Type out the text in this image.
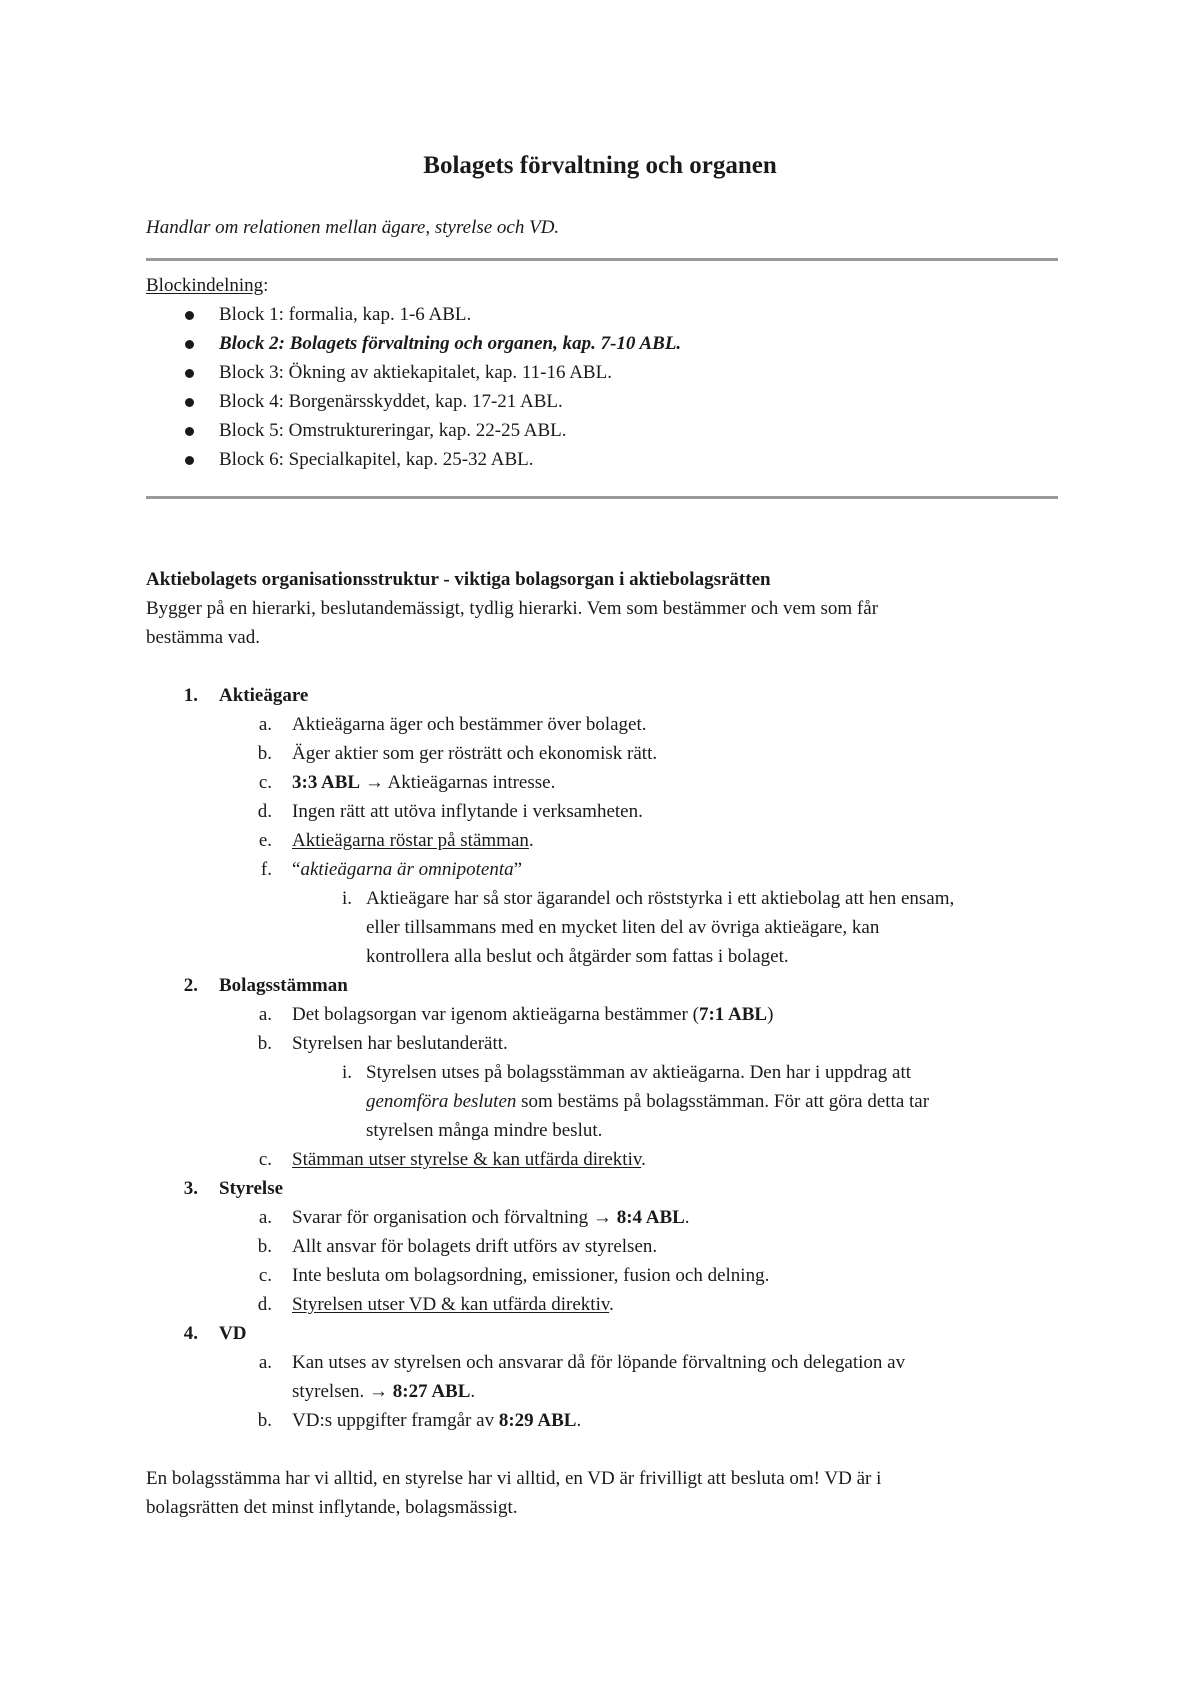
Bolagets förvaltning och organen
Handlar om relationen mellan ägare, styrelse och VD.
Blockindelning:
Block 1: formalia, kap. 1-6 ABL.
Block 2: Bolagets förvaltning och organen, kap. 7-10 ABL.
Block 3: Ökning av aktiekapitalet, kap. 11-16 ABL.
Block 4: Borgenärsskyddet, kap. 17-21 ABL.
Block 5: Omstruktureringar, kap. 22-25 ABL.
Block 6: Specialkapitel, kap. 25-32 ABL.
Aktiebolagets organisationsstruktur - viktiga bolagsorgan i aktiebolagsrätten
Bygger på en hierarki, beslutandemässigt, tydlig hierarki. Vem som bestämmer och vem som får
bestämma vad.
1. Aktieägare
a. Aktieägarna äger och bestämmer över bolaget.
b. Äger aktier som ger rösträtt och ekonomisk rätt.
c. 3:3 ABL → Aktieägarnas intresse.
d. Ingen rätt att utöva inflytande i verksamheten.
e. Aktieägarna röstar på stämman.
f. “aktieägarna är omnipotenta”
i. Aktieägare har så stor ägarandel och röststyrka i ett aktiebolag att hen ensam,
eller tillsammans med en mycket liten del av övriga aktieägare, kan
kontrollera alla beslut och åtgärder som fattas i bolaget.
2. Bolagsstämman
a. Det bolagsorgan var igenom aktieägarna bestämmer (7:1 ABL)
b. Styrelsen har beslutanderätt.
i. Styrelsen utses på bolagsstämman av aktieägarna. Den har i uppdrag att
genomföra besluten som bestäms på bolagsstämman. För att göra detta tar
styrelsen många mindre beslut.
c. Stämman utser styrelse & kan utfärda direktiv.
3. Styrelse
a. Svarar för organisation och förvaltning → 8:4 ABL.
b. Allt ansvar för bolagets drift utförs av styrelsen.
c. Inte besluta om bolagsordning, emissioner, fusion och delning.
d. Styrelsen utser VD & kan utfärda direktiv.
4. VD
a. Kan utses av styrelsen och ansvarar då för löpande förvaltning och delegation av
styrelsen. → 8:27 ABL.
b. VD:s uppgifter framgår av 8:29 ABL.
En bolagsstämma har vi alltid, en styrelse har vi alltid, en VD är frivilligt att besluta om! VD är i
bolagsrätten det minst inflytande, bolagsmässigt.
